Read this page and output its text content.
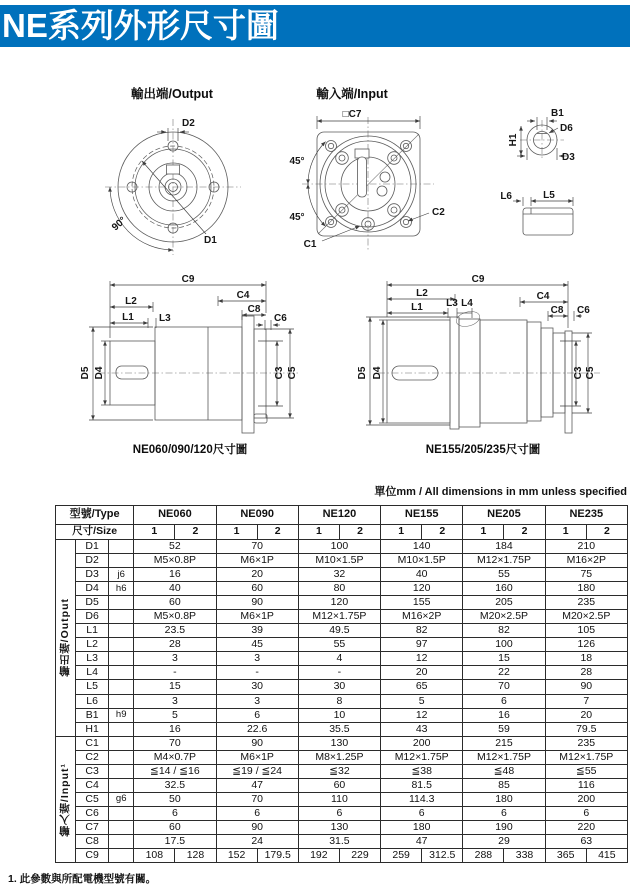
NE系列外形尺寸圖
輸出端/Output
D2
D1
90°
輸入端/Input
□C7
45°
45°
C1
C2
B1
H1
D6
D3
L6	L5
C9
L2
L1	L3
C4
C8
C6
D5 D4	C3 C5
NE060/090/120尺寸圖
C9
L2
L1 L3 L4
C4
C8 C6
D5 D4	C3 C5
NE155/205/235尺寸圖
單位mm / All dimensions in mm unless specified
型號/Type			NE060		NE090		NE120		NE155		NE205		NE235	
尺寸/Size			1	2	1	2	1	2	1	2	1	2	1	2

輸出端/Output	D1		52		70		100		140		184		210	
	D2		M5×0.8P		M6×1P		M10×1.5P		M10×1.5P		M12×1.75P		M16×2P	
	D3	j6	16		20		32		40		55		75	
	D4	h6	40		60		80		120		160		180	
	D5		60		90		120		155		205		235	
	D6		M5×0.8P		M6×1P		M12×1.75P		M16×2P		M20×2.5P		M20×2.5P	
	L1		23.5		39		49.5		82		82		105	
	L2		28		45		55		97		100		126	
	L3		3		3		4		12		15		18	
	L4		-		-		-		20		22		28	
	L5		15		30		30		65		70		90	
	L6		3		3		8		5		6		7	
	B1	h9	5		6		10		12		16		20	
	H1		16		22.6		35.5		43		59		79.5	

輸入端/Input¹	C1		70		90		130		200		215		235	
	C2		M4×0.7P		M6×1P		M8×1.25P		M12×1.75P		M12×1.75P		M12×1.75P	
	C3		≦14 / ≦16		≦19 / ≦24		≦32		≦38		≦48		≦55	
	C4		32.5		47		60		81.5		85		116	
	C5	g6	50		70		110		114.3		180		200	
	C6		6		6		6		6		6		6	
	C7		60		90		130		180		190		220	
	C8		17.5		24		31.5		47		29		63	
	C9		108	128	152	179.5	192	229	259	312.5	288	338	365	415
1. 此參數與所配電機型號有關。
